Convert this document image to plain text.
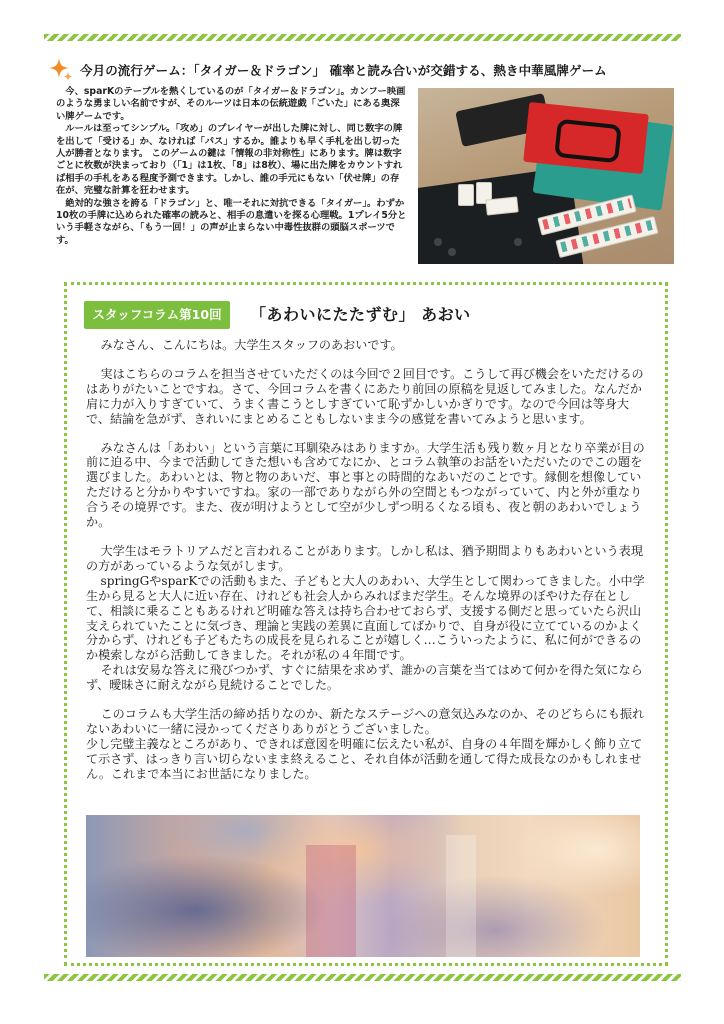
今月の流行ゲーム：「タイガー＆ドラゴン」 確率と読み合いが交錯する、熱き中華風牌ゲーム

今、sparKのテーブルを熱くしているのが「タイガー＆ドラゴン」。カンフー映画のような勇ましい名前ですが、そのルーツは日本の伝統遊戯「ごいた」にある奥深い牌ゲームです。

ルールは至ってシンプル。「攻め」のプレイヤーが出した牌に対し、同じ数字の牌を出して「受ける」か、なければ「パス」するか。誰よりも早く手札を出し切った人が勝者となります。 このゲームの鍵は「情報の非対称性」にあります。牌は数字ごとに枚数が決まっており（「1」は1枚、「8」は8枚）、場に出た牌をカウントすれば相手の手札をある程度予測できます。しかし、誰の手元にもない「伏せ牌」の存在が、完璧な計算を狂わせます。

絶対的な強さを誇る「ドラゴン」と、唯一それに対抗できる「タイガー」。わずか10枚の手牌に込められた確率の読みと、相手の息遣いを探る心理戦。1プレイ5分という手軽さながら、「もう一回！」の声が止まらない中毒性抜群の頭脳スポーツです。

スタッフコラム第10回	「あわいにたたずむ」 あおい

みなさん、こんにちは。大学生スタッフのあおいです。

実はこちらのコラムを担当させていただくのは今回で２回目です。こうして再び機会をいただけるのはありがたいことですね。さて、今回コラムを書くにあたり前回の原稿を見返してみました。なんだか肩に力が入りすぎていて、うまく書こうとしすぎていて恥ずかしいかぎりです。なので今回は等身大で、結論を急がず、きれいにまとめることもしないまま今の感覚を書いてみようと思います。

みなさんは「あわい」という言葉に耳馴染みはありますか。大学生活も残り数ヶ月となり卒業が目の前に迫る中、今まで活動してきた想いも含めてなにか、とコラム執筆のお話をいただいたのでこの題を選びました。あわいとは、物と物のあいだ、事と事との時間的なあいだのことです。縁側を想像していただけると分かりやすいですね。家の一部でありながら外の空間ともつながっていて、内と外が重なり合うその境界です。また、夜が明けようとして空が少しずつ明るくなる頃も、夜と朝のあわいでしょうか。

大学生はモラトリアムだと言われることがあります。しかし私は、猶予期間よりもあわいという表現の方があっているような気がします。

springGやsparKでの活動もまた、子どもと大人のあわい、大学生として関わってきました。小中学生から見ると大人に近い存在、けれども社会人からみればまだ学生。そんな境界のぼやけた存在として、相談に乗ることもあるけれど明確な答えは持ち合わせておらず、支援する側だと思っていたら沢山支えられていたことに気づき、理論と実践の差異に直面してばかりで、自身が役に立てているのかよく分からず、けれども子どもたちの成長を見られることが嬉しく…こういったように、私に何ができるのか模索しながら活動してきました。それが私の４年間です。

それは安易な答えに飛びつかず、すぐに結果を求めず、誰かの言葉を当てはめて何かを得た気にならず、曖昧さに耐えながら見続けることでした。

このコラムも大学生活の締め括りなのか、新たなステージへの意気込みなのか、そのどちらにも振れないあわいに一緒に浸かってくださりありがとうございました。

少し完璧主義なところがあり、できれば意図を明確に伝えたい私が、自身の４年間を輝かしく飾り立てて示さず、はっきり言い切らないまま終えること、それ自体が活動を通して得た成長なのかもしれません。これまで本当にお世話になりました。
